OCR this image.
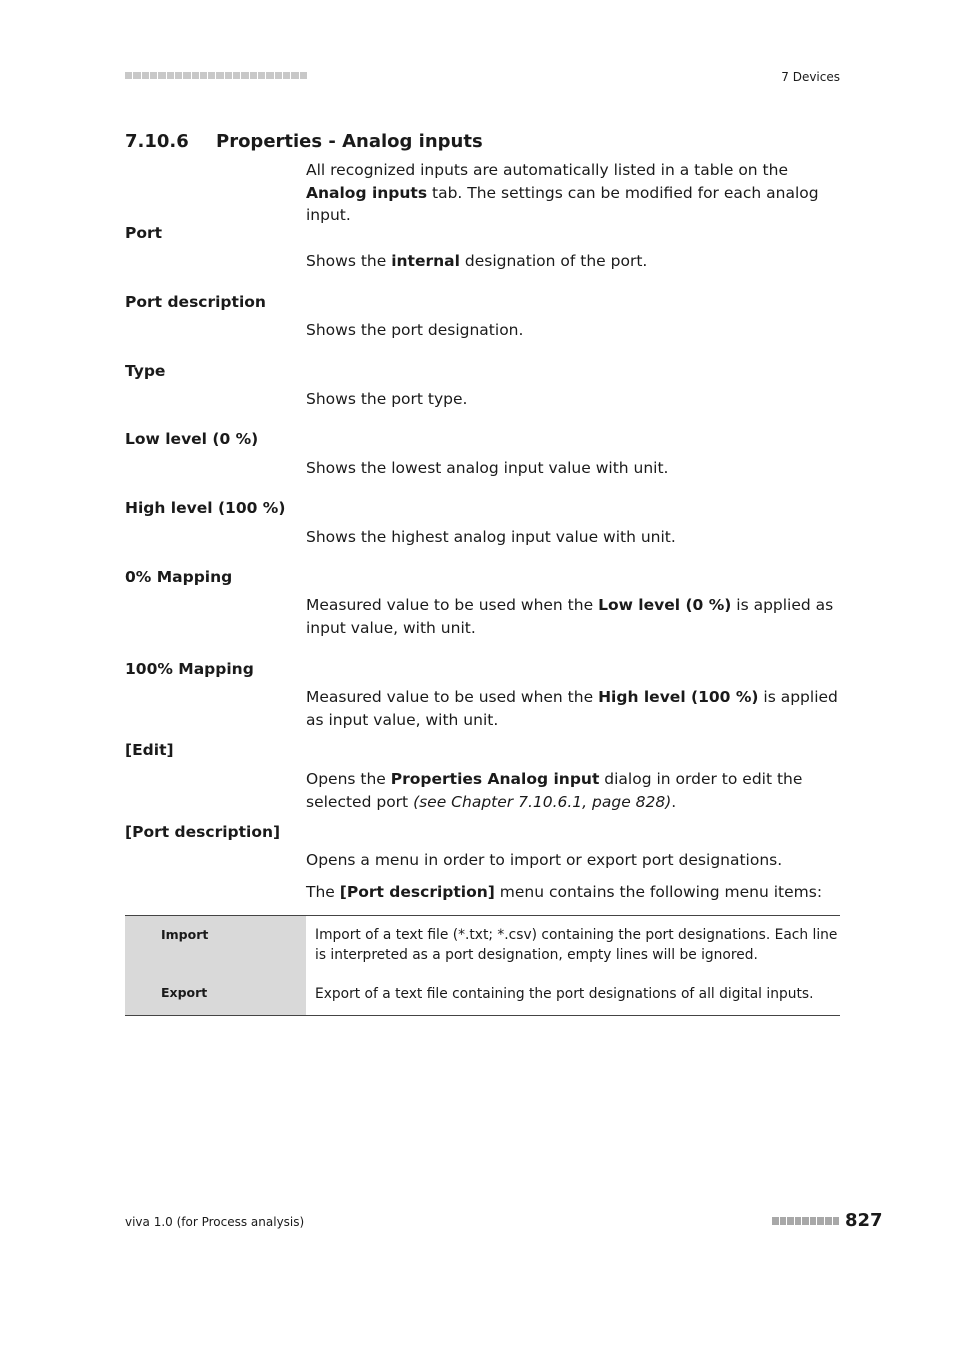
7 Devices
7.10.6 Properties - Analog inputs
All recognized inputs are automatically listed in a table on the Analog inputs tab. The settings can be modified for each analog input.
Port
Shows the internal designation of the port.
Port description
Shows the port designation.
Type
Shows the port type.
Low level (0 %)
Shows the lowest analog input value with unit.
High level (100 %)
Shows the highest analog input value with unit.
0% Mapping
Measured value to be used when the Low level (0 %) is applied as input value, with unit.
100% Mapping
Measured value to be used when the High level (100 %) is applied as input value, with unit.
[Edit]
Opens the Properties Analog input dialog in order to edit the selected port (see Chapter 7.10.6.1, page 828).
[Port description]
Opens a menu in order to import or export port designations.
The [Port description] menu contains the following menu items:
Import	Import of a text file (*.txt; *.csv) containing the port designations. Each line is interpreted as a port designation, empty lines will be ignored.
Export	Export of a text file containing the port designations of all digital inputs.
viva 1.0 (for Process analysis)	827
